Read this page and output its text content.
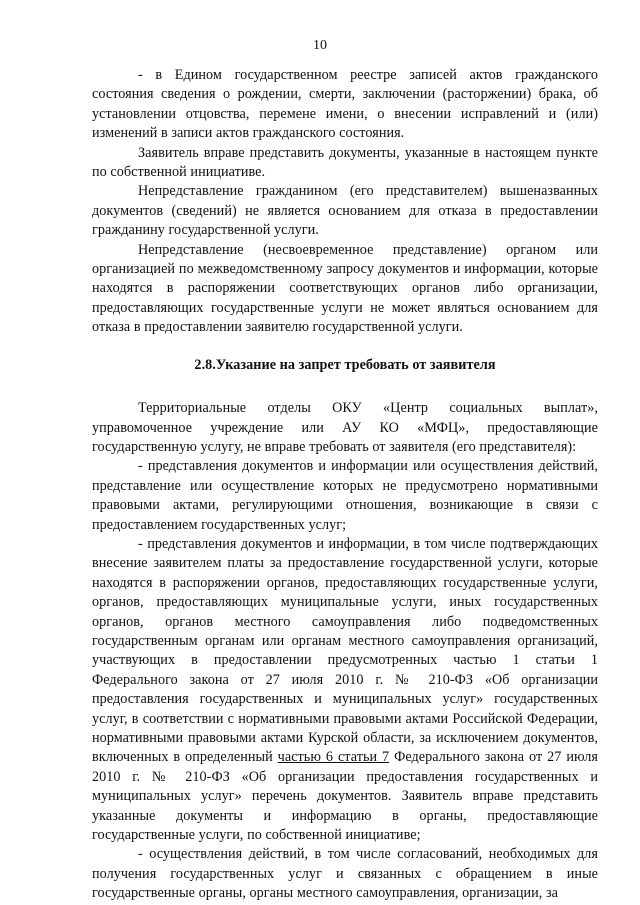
10

- в Едином государственном реестре записей актов гражданского состояния сведения о рождении, смерти, заключении (расторжении) брака, об установлении отцовства, перемене имени, о внесении исправлений и (или) изменений в записи актов гражданского состояния.

Заявитель вправе представить документы, указанные в настоящем пункте по собственной инициативе.

Непредставление гражданином (его представителем) вышеназванных документов (сведений) не является основанием для отказа в предоставлении гражданину государственной услуги.

Непредставление (несвоевременное представление) органом или организацией по межведомственному запросу документов и информации, которые находятся в распоряжении соответствующих органов либо организации, предоставляющих государственные услуги не может являться основанием для отказа в предоставлении заявителю государственной услуги.

2.8.Указание на запрет требовать от заявителя

Территориальные отделы ОКУ «Центр социальных выплат», управомоченное учреждение или АУ КО «МФЦ», предоставляющие государственную услугу, не вправе требовать от заявителя (его представителя):

- представления документов и информации или осуществления действий, представление или осуществление которых не предусмотрено нормативными правовыми актами, регулирующими отношения, возникающие в связи с предоставлением государственных услуг;

- представления документов и информации, в том числе подтверждающих внесение заявителем платы за предоставление государственной услуги, которые находятся в распоряжении органов, предоставляющих государственные услуги, органов, предоставляющих муниципальные услуги, иных государственных органов, органов местного самоуправления либо подведомственных государственным органам или органам местного самоуправления организаций, участвующих в предоставлении предусмотренных частью 1 статьи 1 Федерального закона от 27 июля 2010 г. № 210-ФЗ «Об организации предоставления государственных и муниципальных услуг» государственных услуг, в соответствии с нормативными правовыми актами Российской Федерации, нормативными правовыми актами Курской области, за исключением документов, включенных в определенный частью 6 статьи 7 Федерального закона от 27 июля 2010 г. № 210-ФЗ «Об организации предоставления государственных и муниципальных услуг» перечень документов. Заявитель вправе представить указанные документы и информацию в органы, предоставляющие государственные услуги, по собственной инициативе;

- осуществления действий, в том числе согласований, необходимых для получения государственных услуг и связанных с обращением в иные государственные органы, органы местного самоуправления, организации, за
